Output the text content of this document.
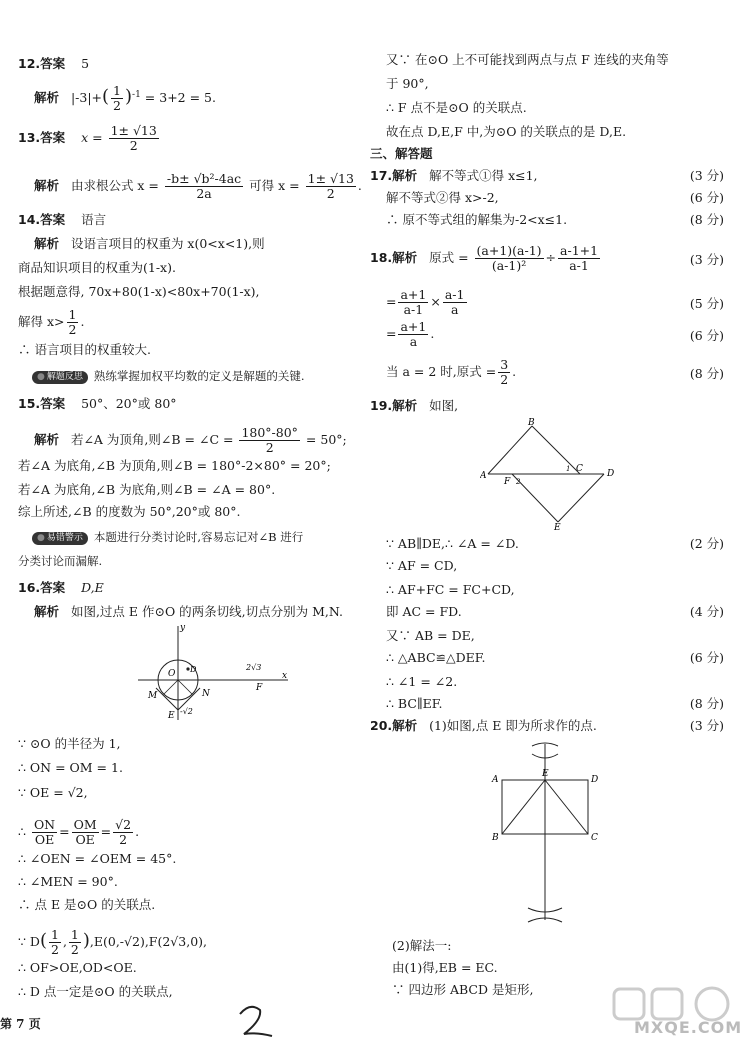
12.答案 5
解析 $|-3|+( \frac{1}{2} )^{-1} = 3+2 = 5$.
13.答案 $x = \frac{1\pm √13}{2}$
解析 由求根公式 $x = \frac{\text{-b± √b²-4ac}}{2a}$ 可得 $x = \frac{1\pm √13}{2}$ .
14.答案 语言
解析 设语言项目的权重为 x(0<x<1),则
商品知识项目的权重为(1-x).
根据题意得, 70x+80(1-x)<80x+70(1-x),
解得 $x> \frac{1}{2}$ .
∴ 语言项目的权重较大.
● 解题反思 熟练掌握加权平均数的定义是解题的关键.
15.答案 50°、20°或 80°
解析 若∠A 为顶角,则∠B = ∠C = $\frac{180^\circ-80^\circ}{2} = 50^\circ$;
若∠A 为底角,∠B 为顶角,则∠B = 180°-2×80° = 20°;
若∠A 为底角,∠B 为底角,则∠B = ∠A = 80°.
综上所述,∠B 的度数为 50°,20°或 80°.
● 易错警示 本题进行分类讨论时,容易忘记对∠B 进行
分类讨论而漏解.
16.答案 D,E
解析 如图,过点 E 作⊙O 的两条切线,切点分别为 M,N.
y
x
O D
M	N
E -√2
2√3
F
∵ ⊙O 的半径为 1,
∴ ON = OM = 1.
∵ OE = √2,
∴ $\frac{ON}{OE} = \frac{OM}{OE} = \frac{√2}{2}$ .
∴ ∠OEN = ∠OEM = 45°.
∴ ∠MEN = 90°.
∴ 点 E 是⊙O 的关联点.
∵ $D( \frac{1}{2}$ , $\frac{1}{2} ),E(0,-√2),F(2√3,0)$,
∴ OF>OE,OD<OE.
∴ D 点一定是⊙O 的关联点,
又∵ 在⊙O 上不可能找到两点与点 F 连线的夹角等
于 90°,
∴ F 点不是⊙O 的关联点.
故在点 D,E,F 中,为⊙O 的关联点的是 D,E.
三、解答题
17.解析 解不等式①得 x≤1,	(3 分)
解不等式②得 x>-2,	(6 分)
∴ 原不等式组的解集为-2<x≤1.	(8 分)
18.解析 原式 = $\frac{(a+1)(a-1)}{\text{(a-1)²}} \div \frac{a-1+1}{a-1}$	(3 分)
= $\frac{a+1}{a-1} \times \frac{a-1}{a}$	(5 分)
= $\frac{a+1}{a}$ .	(6 分)
当 a = 2 时,原式 = $\frac{3}{2}$ .	(8 分)
19.解析 如图,
B
A
C	D
E
F
1
2
∵ AB∥DE,∴ ∠A = ∠D.	(2 分)
∵ AF = CD,
∴ AF+FC = FC+CD,
即 AC = FD.	(4 分)
又∵ AB = DE,
∴ △ABC≌△DEF.	(6 分)
∴ ∠1 = ∠2.
∴ BC∥EF.	(8 分)
20.解析 (1)如图,点 E 即为所求作的点.	(3 分)
A
E
D
B	C
(2)解法一:
由(1)得,EB = EC.
∵ 四边形 ABCD 是矩形,
第 7 页	MXQE.COM
